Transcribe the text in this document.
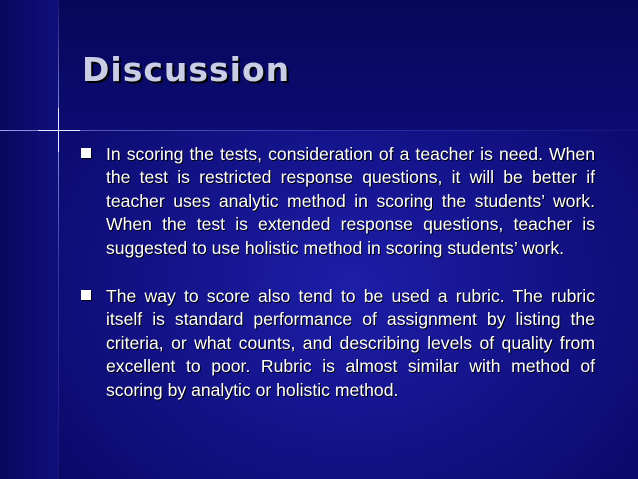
Discussion

In scoring the tests, consideration of a teacher is need. When the test is restricted response questions, it will be better if teacher uses analytic method in scoring the students’ work. When the test is extended response questions, teacher is suggested to use holistic method in scoring students’ work.

The way to score also tend to be used a rubric. The rubric itself is standard performance of assignment by listing the criteria, or what counts, and describing levels of quality from excellent to poor. Rubric is almost similar with method of scoring by analytic or holistic method.
